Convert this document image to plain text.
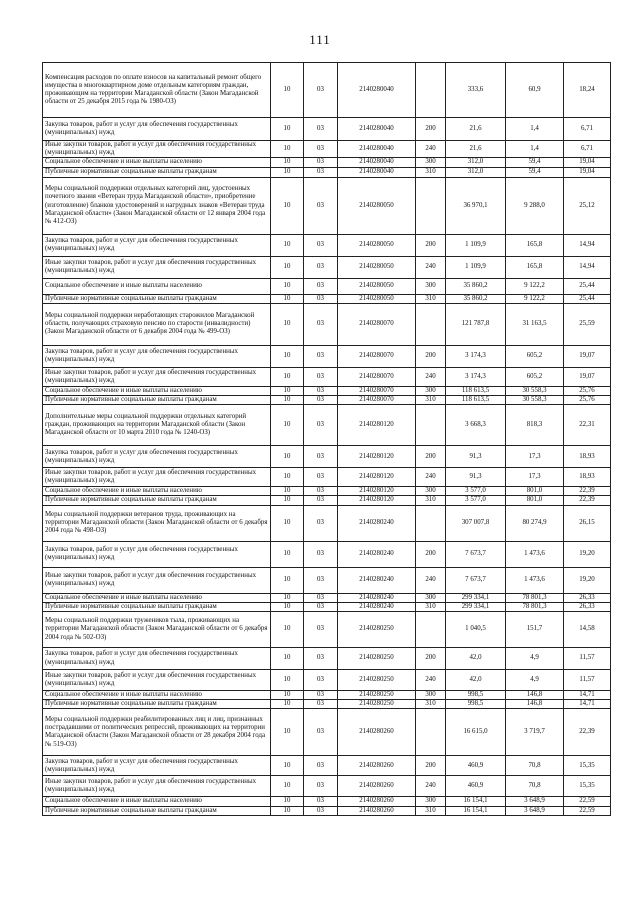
111
Компенсация расходов по оплате взносов на капитальный ремонт общего имущества в многоквартирном доме отдельным категориям граждан, проживающим на территории Магаданской области (Закон Магаданской области от 25 декабря 2015 года № 1980-ОЗ)	10	03	2140280040		333,6	60,9	18,24
Закупка товаров, работ и услуг для обеспечения государственных (муниципальных) нужд	10	03	2140280040	200	21,6	1,4	6,71
Иные закупки товаров, работ и услуг для обеспечения государственных (муниципальных) нужд	10	03	2140280040	240	21,6	1,4	6,71
Социальное обеспечение и иные выплаты населению	10	03	2140280040	300	312,0	59,4	19,04
Публичные нормативные социальные выплаты гражданам	10	03	2140280040	310	312,0	59,4	19,04
Меры социальной поддержки отдельных категорий лиц, удостоенных почетного звания «Ветеран труда Магаданской области», приобретение (изготовление) бланков удостоверений и нагрудных знаков «Ветеран труда Магаданской области» (Закон Магаданской области от 12 января 2004 года № 412-ОЗ)	10	03	2140280050		36 970,1	9 288,0	25,12
Закупка товаров, работ и услуг для обеспечения государственных (муниципальных) нужд	10	03	2140280050	200	1 109,9	165,8	14,94
Иные закупки товаров, работ и услуг для обеспечения государственных (муниципальных) нужд	10	03	2140280050	240	1 109,9	165,8	14,94
Социальное обеспечение и иные выплаты населению	10	03	2140280050	300	35 860,2	9 122,2	25,44
Публичные нормативные социальные выплаты гражданам	10	03	2140280050	310	35 860,2	9 122,2	25,44
Меры социальной поддержки неработающих старожилов Магаданской области, получающих страховую пенсию по старости (инвалидности) (Закон Магаданской области от 6 декабря 2004 года № 499-ОЗ)	10	03	2140280070		121 787,8	31 163,5	25,59
Закупка товаров, работ и услуг для обеспечения государственных (муниципальных) нужд	10	03	2140280070	200	3 174,3	605,2	19,07
Иные закупки товаров, работ и услуг для обеспечения государственных (муниципальных) нужд	10	03	2140280070	240	3 174,3	605,2	19,07
Социальное обеспечение и иные выплаты населению	10	03	2140280070	300	118 613,5	30 558,3	25,76
Публичные нормативные социальные выплаты гражданам	10	03	2140280070	310	118 613,5	30 558,3	25,76
Дополнительные меры социальной поддержки отдельных категорий граждан, проживающих на территории Магаданской области (Закон Магаданской области от 10 марта 2010 года № 1240-ОЗ)	10	03	2140280120		3 668,3	818,3	22,31
Закупка товаров, работ и услуг для обеспечения государственных (муниципальных) нужд	10	03	2140280120	200	91,3	17,3	18,93
Иные закупки товаров, работ и услуг для обеспечения государственных (муниципальных) нужд	10	03	2140280120	240	91,3	17,3	18,93
Социальное обеспечение и иные выплаты населению	10	03	2140280120	300	3 577,0	801,0	22,39
Публичные нормативные социальные выплаты гражданам	10	03	2140280120	310	3 577,0	801,0	22,39
Меры социальной поддержки ветеранов труда, проживающих на территории Магаданской области (Закон Магаданской области от 6 декабря 2004 года № 498-ОЗ)	10	03	2140280240		307 007,8	80 274,9	26,15
Закупка товаров, работ и услуг для обеспечения государственных (муниципальных) нужд	10	03	2140280240	200	7 673,7	1 473,6	19,20
Иные закупки товаров, работ и услуг для обеспечения государственных (муниципальных) нужд	10	03	2140280240	240	7 673,7	1 473,6	19,20
Социальное обеспечение и иные выплаты населению	10	03	2140280240	300	299 334,1	78 801,3	26,33
Публичные нормативные социальные выплаты гражданам	10	03	2140280240	310	299 334,1	78 801,3	26,33
Меры социальной поддержки тружеников тыла, проживающих на территории Магаданской области (Закон Магаданской области от 6 декабря 2004 года № 502-ОЗ)	10	03	2140280250		1 040,5	151,7	14,58
Закупка товаров, работ и услуг для обеспечения государственных (муниципальных) нужд	10	03	2140280250	200	42,0	4,9	11,57
Иные закупки товаров, работ и услуг для обеспечения государственных (муниципальных) нужд	10	03	2140280250	240	42,0	4,9	11,57
Социальное обеспечение и иные выплаты населению	10	03	2140280250	300	998,5	146,8	14,71
Публичные нормативные социальные выплаты гражданам	10	03	2140280250	310	998,5	146,8	14,71
Меры социальной поддержки реабилитированных лиц и лиц, признанных пострадавшими от политических репрессий, проживающих на территории Магаданской области (Закон Магаданской области от 28 декабря 2004 года № 519-ОЗ)	10	03	2140280260		16 615,0	3 719,7	22,39
Закупка товаров, работ и услуг для обеспечения государственных (муниципальных) нужд	10	03	2140280260	200	460,9	70,8	15,35
Иные закупки товаров, работ и услуг для обеспечения государственных (муниципальных) нужд	10	03	2140280260	240	460,9	70,8	15,35
Социальное обеспечение и иные выплаты населению	10	03	2140280260	300	16 154,1	3 648,9	22,59
Публичные нормативные социальные выплаты гражданам	10	03	2140280260	310	16 154,1	3 648,9	22,59
